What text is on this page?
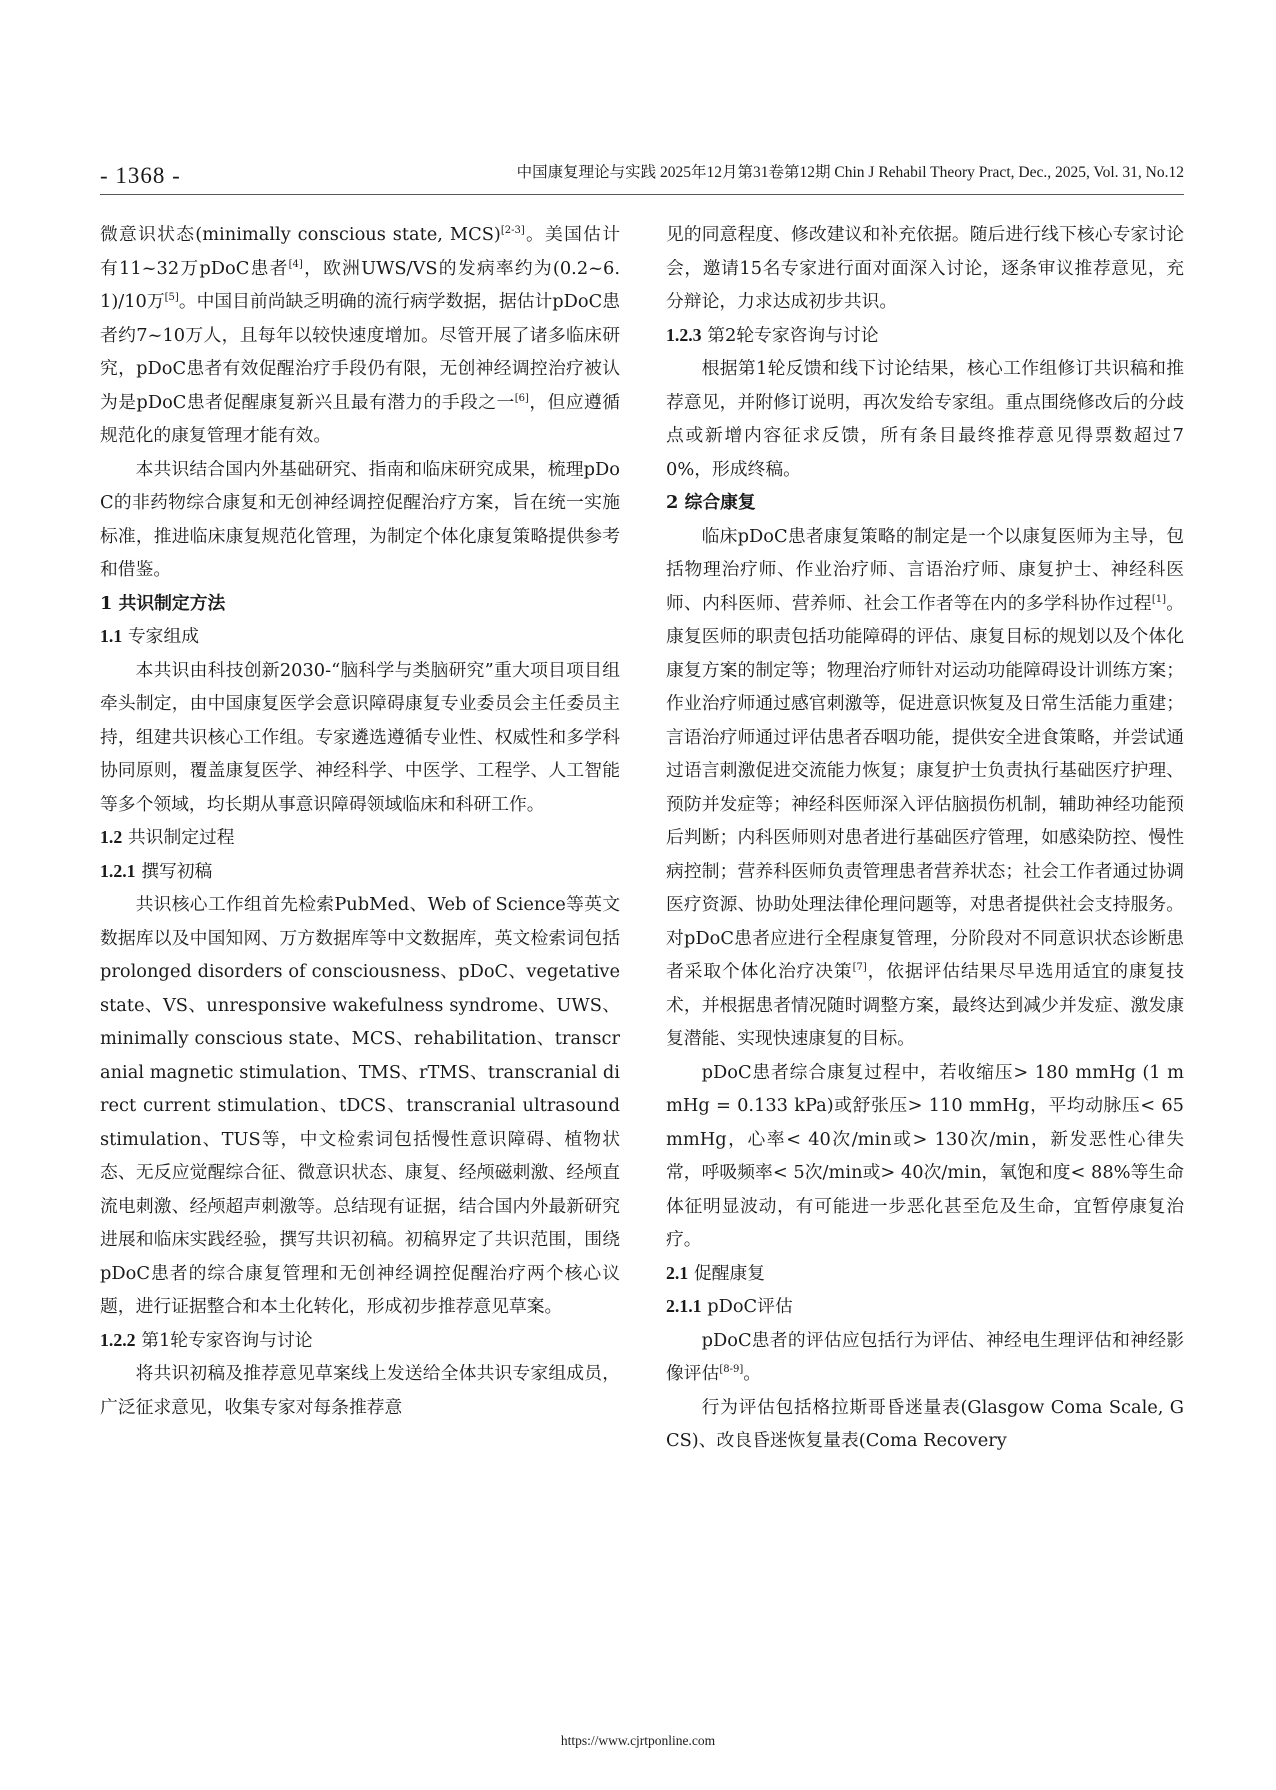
- 1368 -	中国康复理论与实践 2025年12月第31卷第12期 Chin J Rehabil Theory Pract, Dec., 2025, Vol. 31, No.12

微意识状态(minimally conscious state, MCS)[2-3]。美国估计有11~32万pDoC患者[4]，欧洲UWS/VS的发病率约为(0.2~6.1)/10万[5]。中国目前尚缺乏明确的流行病学数据，据估计pDoC患者约7~10万人，且每年以较快速度增加。尽管开展了诸多临床研究，pDoC患者有效促醒治疗手段仍有限，无创神经调控治疗被认为是pDoC患者促醒康复新兴且最有潜力的手段之一[6]，但应遵循规范化的康复管理才能有效。

本共识结合国内外基础研究、指南和临床研究成果，梳理pDoC的非药物综合康复和无创神经调控促醒治疗方案，旨在统一实施标准，推进临床康复规范化管理，为制定个体化康复策略提供参考和借鉴。

1 共识制定方法
1.1 专家组成

本共识由科技创新2030-“脑科学与类脑研究”重大项目项目组牵头制定，由中国康复医学会意识障碍康复专业委员会主任委员主持，组建共识核心工作组。专家遴选遵循专业性、权威性和多学科协同原则，覆盖康复医学、神经科学、中医学、工程学、人工智能等多个领域，均长期从事意识障碍领域临床和科研工作。

1.2 共识制定过程
1.2.1 撰写初稿

共识核心工作组首先检索PubMed、Web of Science等英文数据库以及中国知网、万方数据库等中文数据库，英文检索词包括prolonged disorders of consciousness、pDoC、vegetative state、VS、unresponsive wakefulness syndrome、UWS、minimally conscious state、MCS、rehabilitation、transcranial magnetic stimulation、TMS、rTMS、transcranial direct current stimulation、tDCS、transcranial ultrasound stimulation、TUS等，中文检索词包括慢性意识障碍、植物状态、无反应觉醒综合征、微意识状态、康复、经颅磁刺激、经颅直流电刺激、经颅超声刺激等。总结现有证据，结合国内外最新研究进展和临床实践经验，撰写共识初稿。初稿界定了共识范围，围绕pDoC患者的综合康复管理和无创神经调控促醒治疗两个核心议题，进行证据整合和本土化转化，形成初步推荐意见草案。

1.2.2 第1轮专家咨询与讨论

将共识初稿及推荐意见草案线上发送给全体共识专家组成员，广泛征求意见，收集专家对每条推荐意

见的同意程度、修改建议和补充依据。随后进行线下核心专家讨论会，邀请15名专家进行面对面深入讨论，逐条审议推荐意见，充分辩论，力求达成初步共识。

1.2.3 第2轮专家咨询与讨论

根据第1轮反馈和线下讨论结果，核心工作组修订共识稿和推荐意见，并附修订说明，再次发给专家组。重点围绕修改后的分歧点或新增内容征求反馈，所有条目最终推荐意见得票数超过70%，形成终稿。

2 综合康复

临床pDoC患者康复策略的制定是一个以康复医师为主导，包括物理治疗师、作业治疗师、言语治疗师、康复护士、神经科医师、内科医师、营养师、社会工作者等在内的多学科协作过程[1]。康复医师的职责包括功能障碍的评估、康复目标的规划以及个体化康复方案的制定等；物理治疗师针对运动功能障碍设计训练方案；作业治疗师通过感官刺激等，促进意识恢复及日常生活能力重建；言语治疗师通过评估患者吞咽功能，提供安全进食策略，并尝试通过语言刺激促进交流能力恢复；康复护士负责执行基础医疗护理、预防并发症等；神经科医师深入评估脑损伤机制，辅助神经功能预后判断；内科医师则对患者进行基础医疗管理，如感染防控、慢性病控制；营养科医师负责管理患者营养状态；社会工作者通过协调医疗资源、协助处理法律伦理问题等，对患者提供社会支持服务。对pDoC患者应进行全程康复管理，分阶段对不同意识状态诊断患者采取个体化治疗决策[7]，依据评估结果尽早选用适宜的康复技术，并根据患者情况随时调整方案，最终达到减少并发症、激发康复潜能、实现快速康复的目标。

pDoC患者综合康复过程中，若收缩压> 180 mmHg (1 mmHg = 0.133 kPa)或舒张压> 110 mmHg，平均动脉压< 65 mmHg，心率< 40次/min或> 130次/min，新发恶性心律失常，呼吸频率< 5次/min或> 40次/min，氧饱和度< 88%等生命体征明显波动，有可能进一步恶化甚至危及生命，宜暂停康复治疗。

2.1 促醒康复
2.1.1 pDoC评估

pDoC患者的评估应包括行为评估、神经电生理评估和神经影像评估[8-9]。

行为评估包括格拉斯哥昏迷量表(Glasgow Coma Scale, GCS)、改良昏迷恢复量表(Coma Recovery

https://www.cjrtponline.com
